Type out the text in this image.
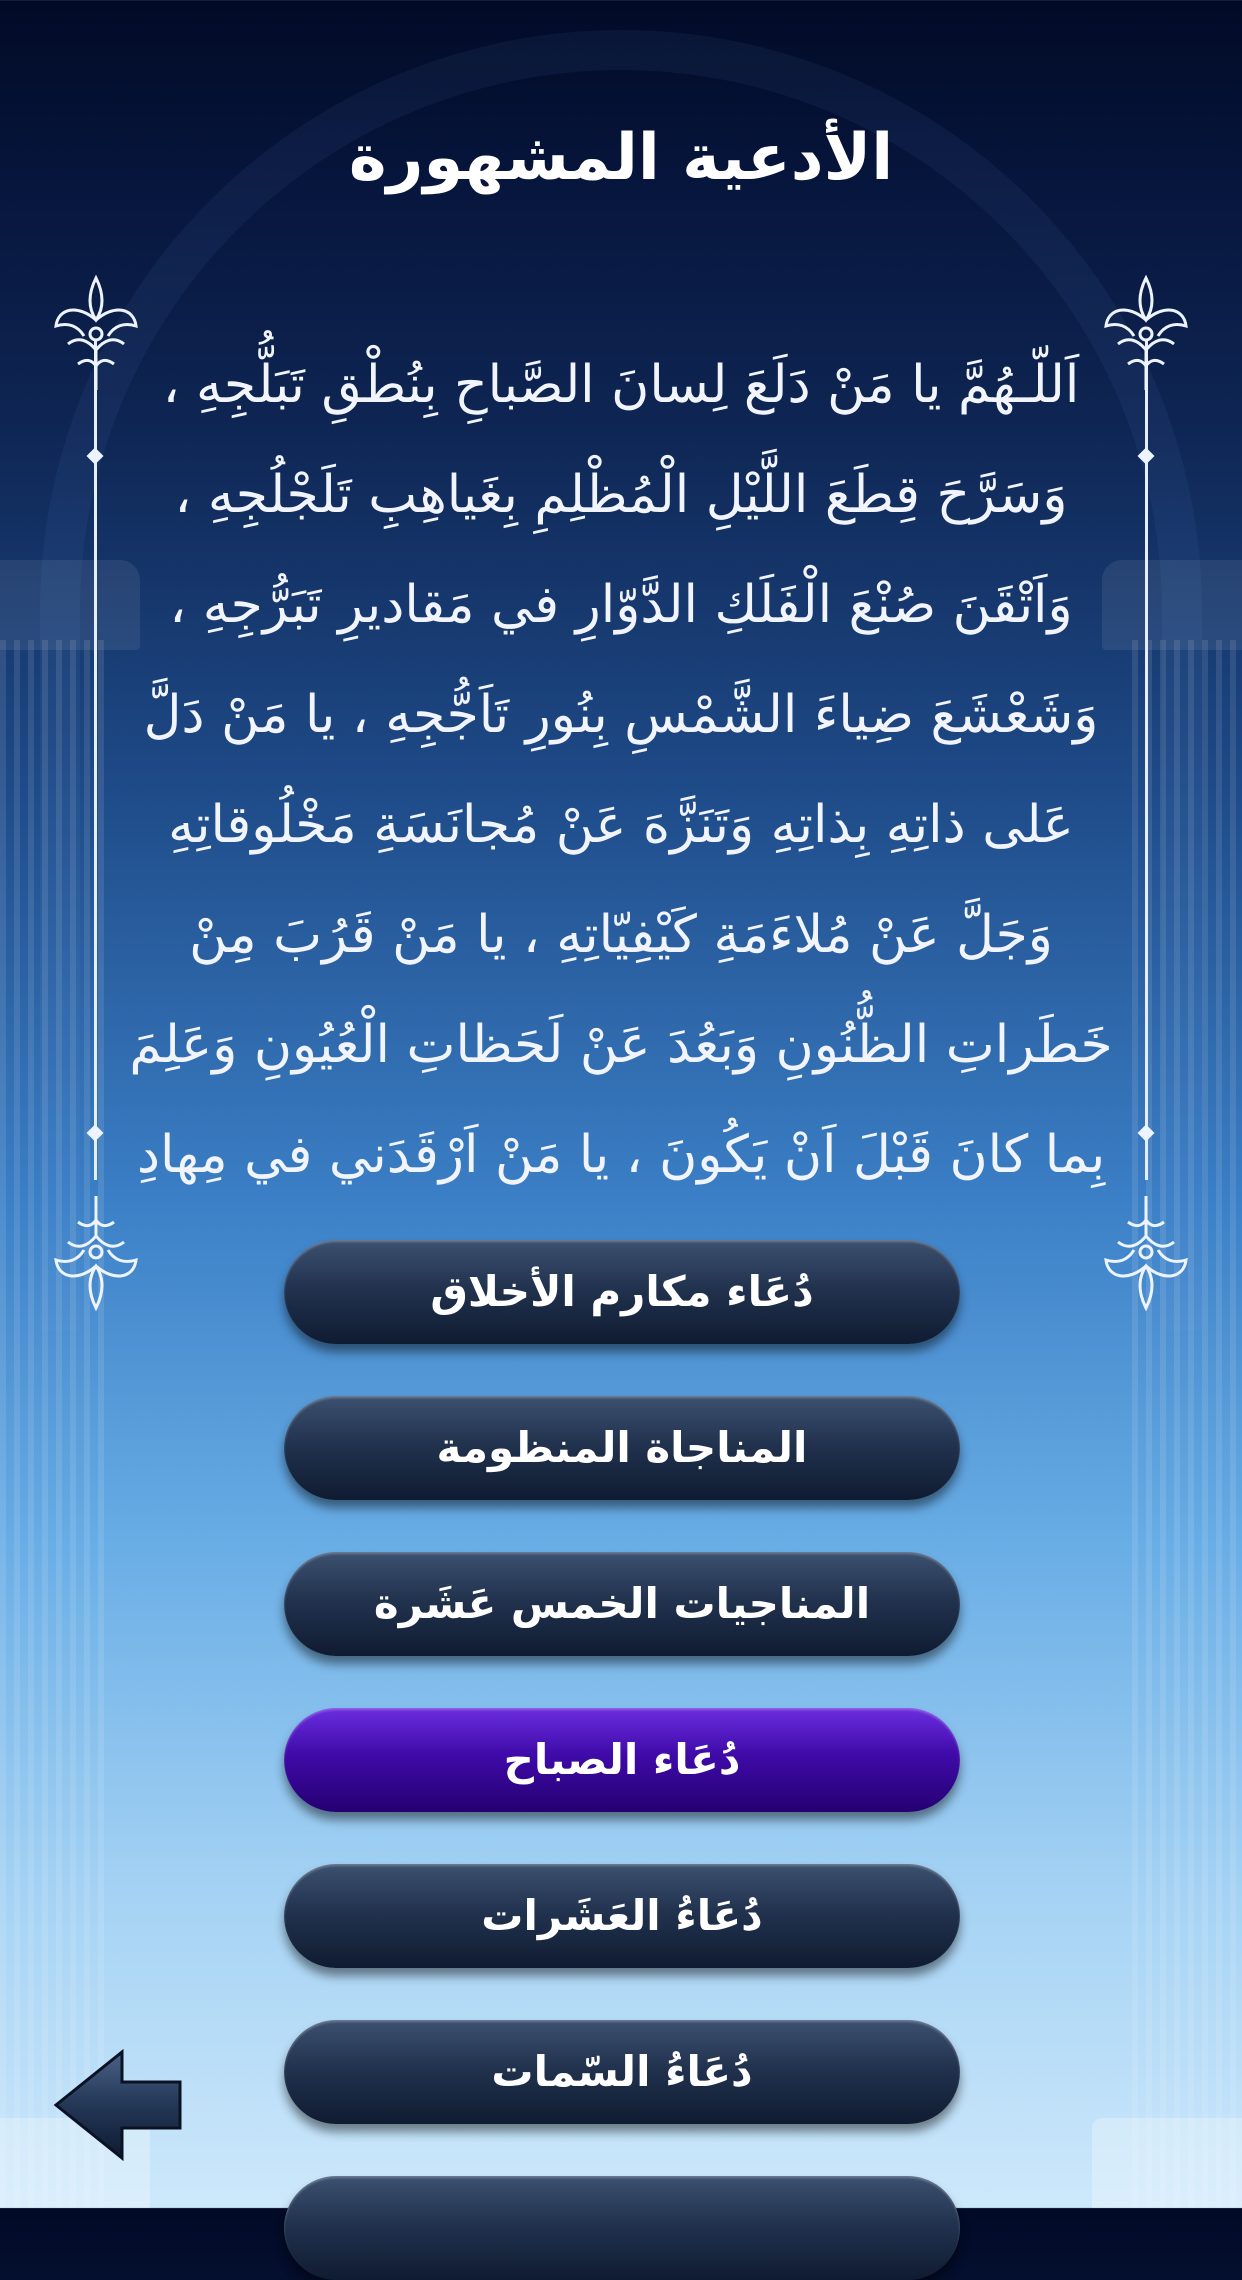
الأدعية المشهورة

اَللّـهُمَّ يا مَنْ دَلَعَ لِسانَ الصَّباحِ بِنُطْقِ تَبَلُّجِهِ ،
وَسَرَّحَ قِطَعَ اللَّيْلِ الْمُظْلِمِ بِغَياهِبِ تَلَجْلُجِهِ ،
وَاَتْقَنَ صُنْعَ الْفَلَكِ الدَّوّارِ في مَقاديرِ تَبَرُّجِهِ ،
وَشَعْشَعَ ضِياءَ الشَّمْسِ بِنُورِ تَاَجُّجِهِ ، يا مَنْ دَلَّ
عَلى ذاتِهِ بِذاتِهِ وَتَنَزَّهَ عَنْ مُجانَسَةِ مَخْلُوقاتِهِ
وَجَلَّ عَنْ مُلاءَمَةِ كَيْفِيّاتِهِ ، يا مَنْ قَرُبَ مِنْ
خَطَراتِ الظُّنُونِ وَبَعُدَ عَنْ لَحَظاتِ الْعُيُونِ وَعَلِمَ
بِما كانَ قَبْلَ اَنْ يَكُونَ ، يا مَنْ اَرْقَدَني في مِهادِ

دُعَاء مكارم الأخلاق
المناجاة المنظومة
المناجيات الخمس عَشَرة
دُعَاء الصباح
دُعَاءُ العَشَرات
دُعَاءُ السّمات
